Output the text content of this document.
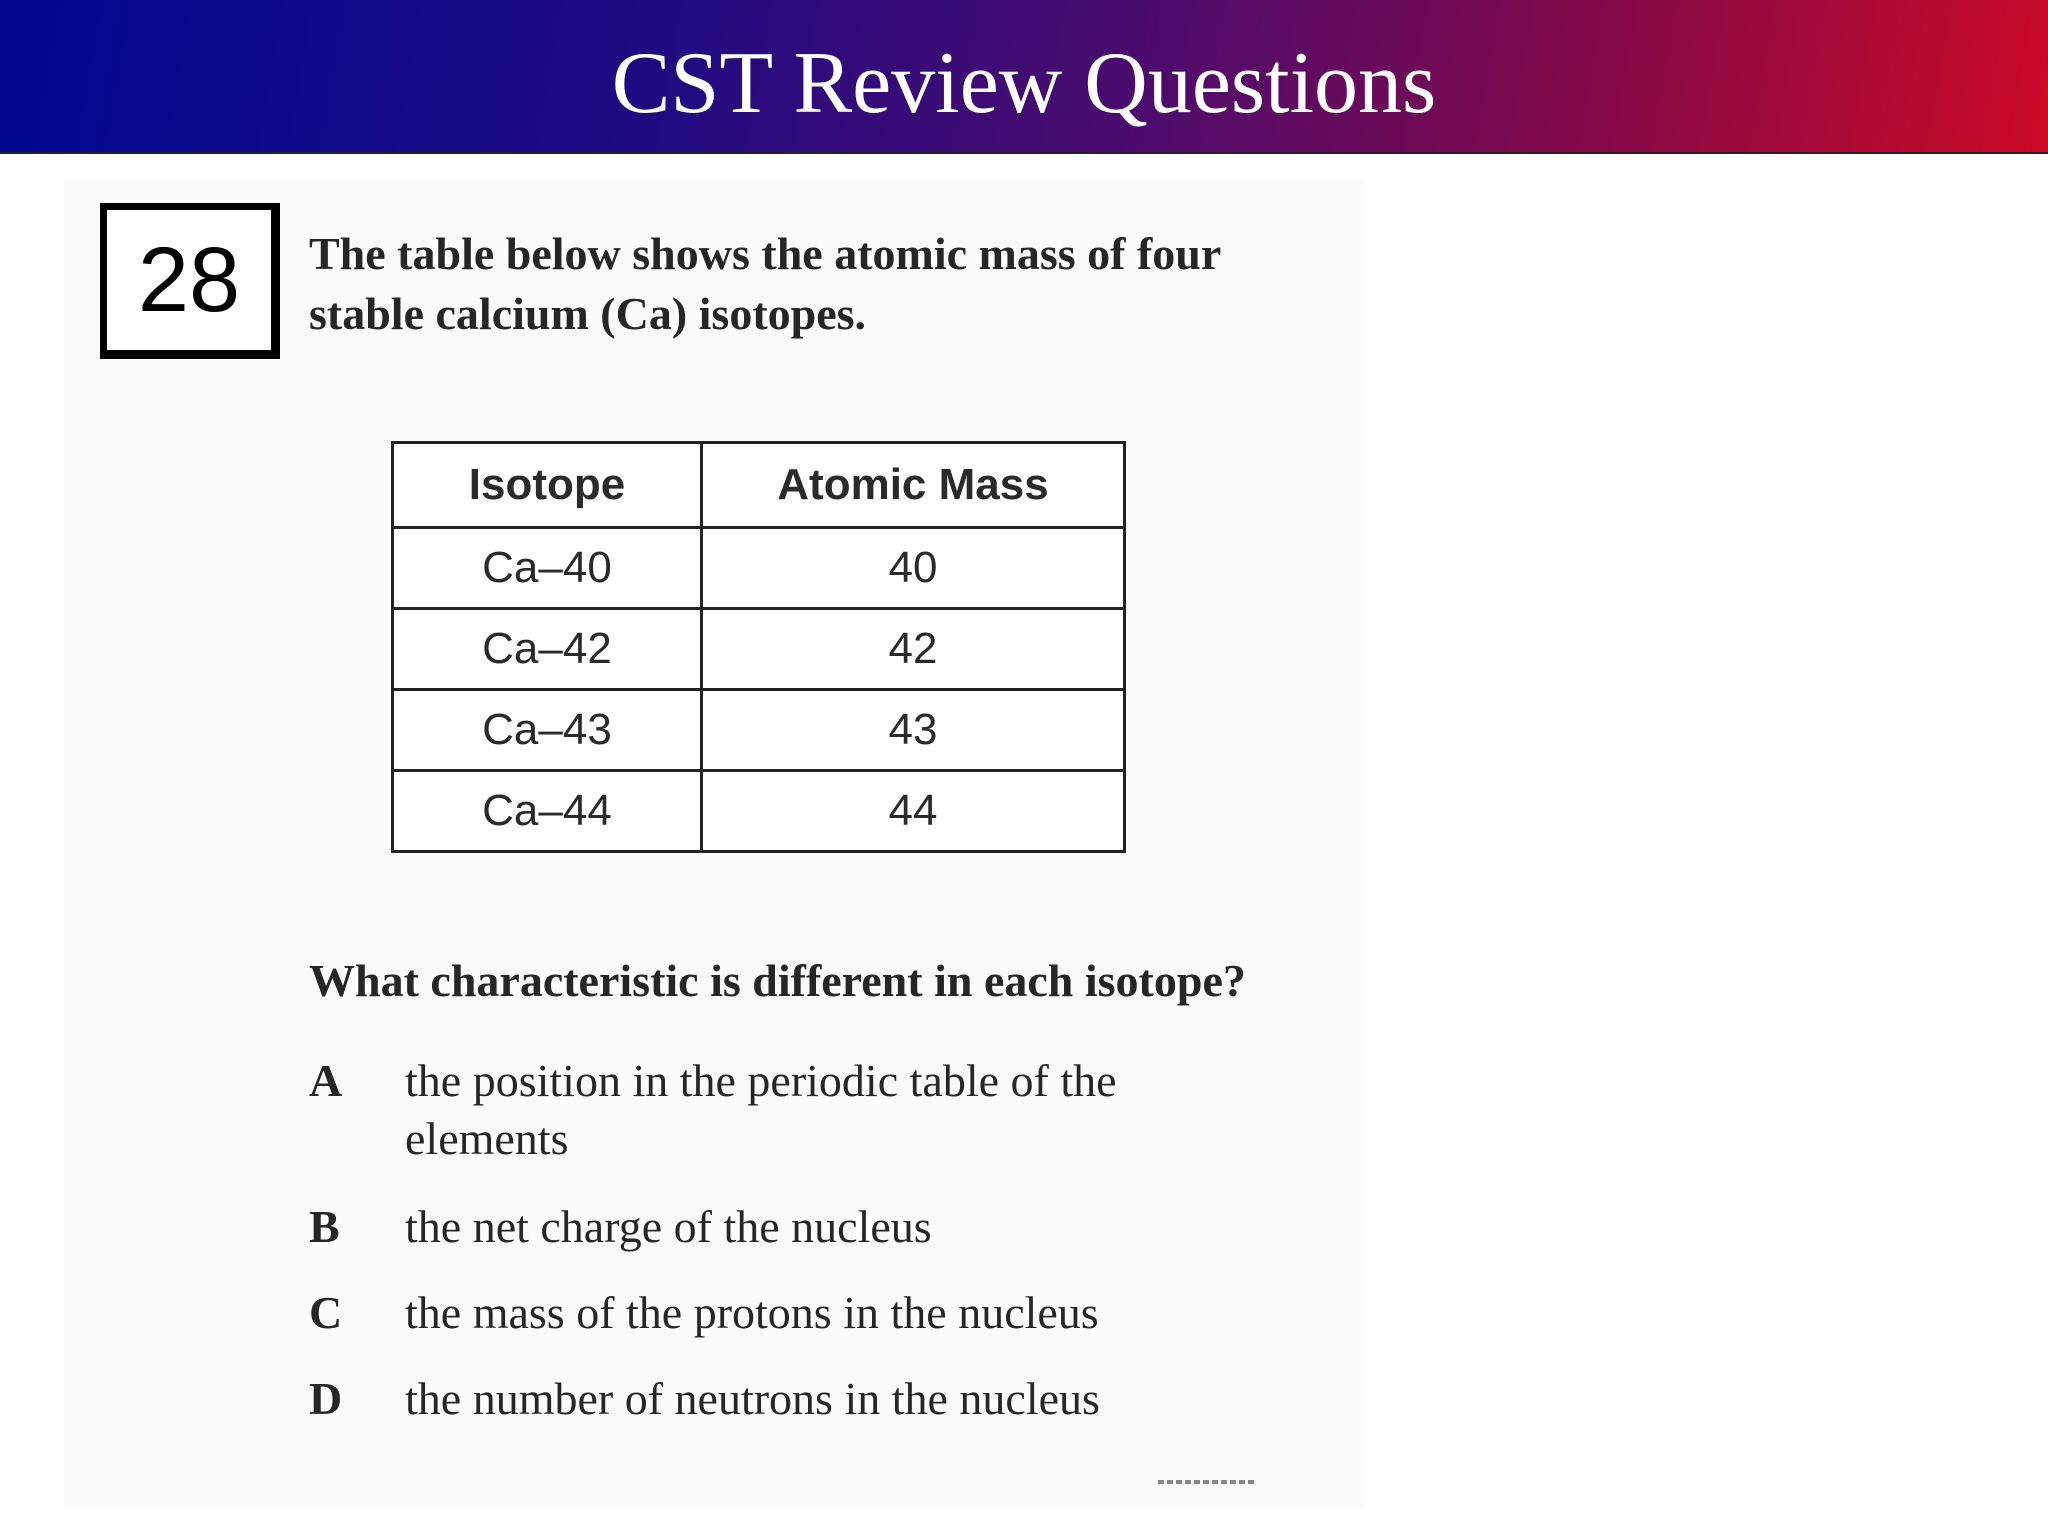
CST Review Questions
28	The table below shows the atomic mass of four
stable calcium (Ca) isotopes.
Isotope	Atomic Mass
Ca–40	40
Ca–42	42
Ca–43	43
Ca–44	44
What characteristic is different in each isotope?
A	the position in the periodic table of the
elements
B	the net charge of the nucleus
C	the mass of the protons in the nucleus
D	the number of neutrons in the nucleus
